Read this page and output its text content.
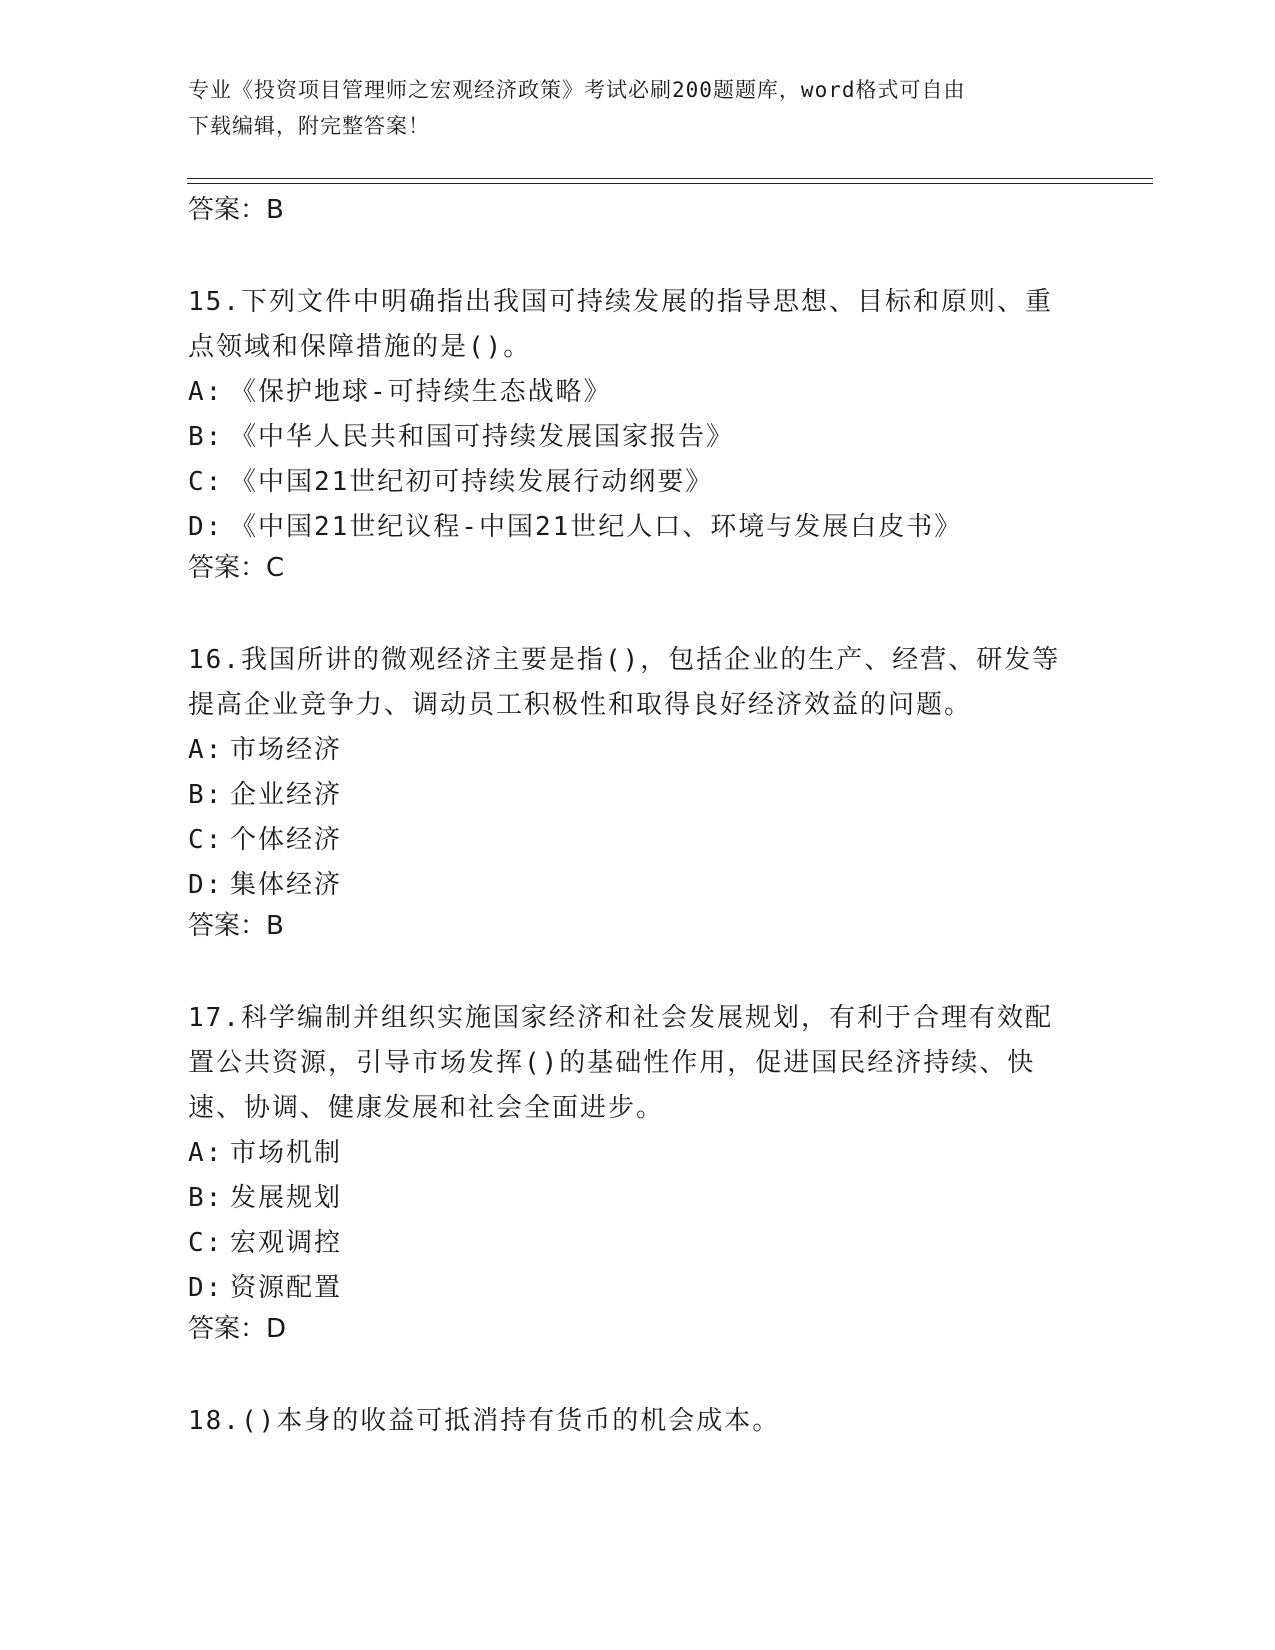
专业《投资项目管理师之宏观经济政策》考试必刷200题题库，word格式可自由
下载编辑，附完整答案！
答案：B
15.下列文件中明确指出我国可持续发展的指导思想、目标和原则、重点领域和保障措施的是()。
A: 《保护地球-可持续生态战略》
B: 《中华人民共和国可持续发展国家报告》
C: 《中国21世纪初可持续发展行动纲要》
D: 《中国21世纪议程-中国21世纪人口、环境与发展白皮书》
答案：C
16.我国所讲的微观经济主要是指()，包括企业的生产、经营、研发等提高企业竞争力、调动员工积极性和取得良好经济效益的问题。
A: 市场经济
B: 企业经济
C: 个体经济
D: 集体经济
答案：B
17.科学编制并组织实施国家经济和社会发展规划，有利于合理有效配置公共资源，引导市场发挥()的基础性作用，促进国民经济持续、快速、协调、健康发展和社会全面进步。
A: 市场机制
B: 发展规划
C: 宏观调控
D: 资源配置
答案：D
18.()本身的收益可抵消持有货币的机会成本。
